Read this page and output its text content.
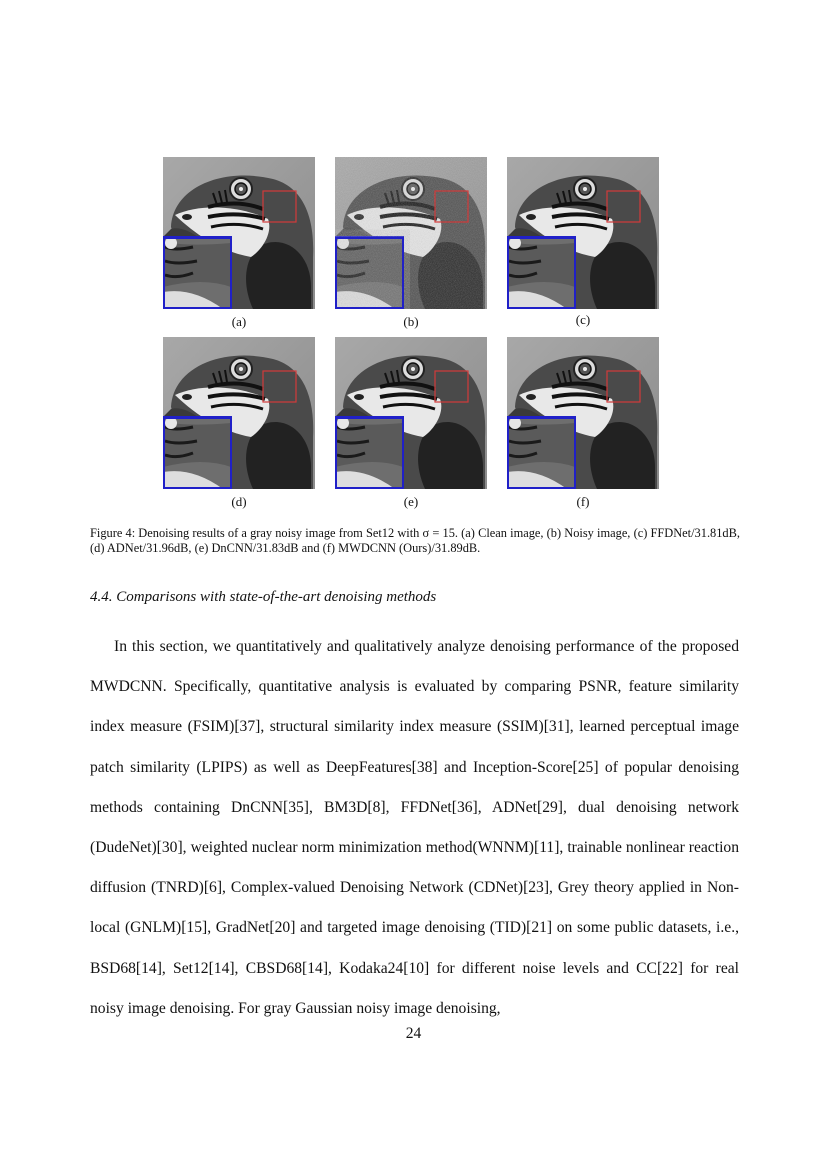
(a)	(b)	(c)
(d)	(e)	(f)
Figure 4: Denoising results of a gray noisy image from Set12 with σ = 15. (a) Clean image, (b) Noisy image, (c) FFDNet/31.81dB, (d) ADNet/31.96dB, (e) DnCNN/31.83dB and (f) MWDCNN (Ours)/31.89dB.
4.4. Comparisons with state-of-the-art denoising methods

In this section, we quantitatively and qualitatively analyze denoising performance of the proposed MWDCNN. Specifically, quantitative analysis is evaluated by comparing PSNR, feature similarity index measure (FSIM)[37], structural similarity index measure (SSIM)[31], learned perceptual image patch similarity (LPIPS) as well as DeepFeatures[38] and Inception-Score[25] of popular denoising methods containing DnCNN[35], BM3D[8], FFDNet[36], ADNet[29], dual denoising network (DudeNet)[30], weighted nuclear norm minimization method(WNNM)[11], trainable nonlinear reaction diffusion (TNRD)[6], Complex-valued Denoising Network (CDNet)[23], Grey theory applied in Non-local (GNLM)[15], GradNet[20] and targeted image denoising (TID)[21] on some public datasets, i.e., BSD68[14], Set12[14], CBSD68[14], Kodaka24[10] for different noise levels and CC[22] for real noisy image denoising. For gray Gaussian noisy image denoising,

24
